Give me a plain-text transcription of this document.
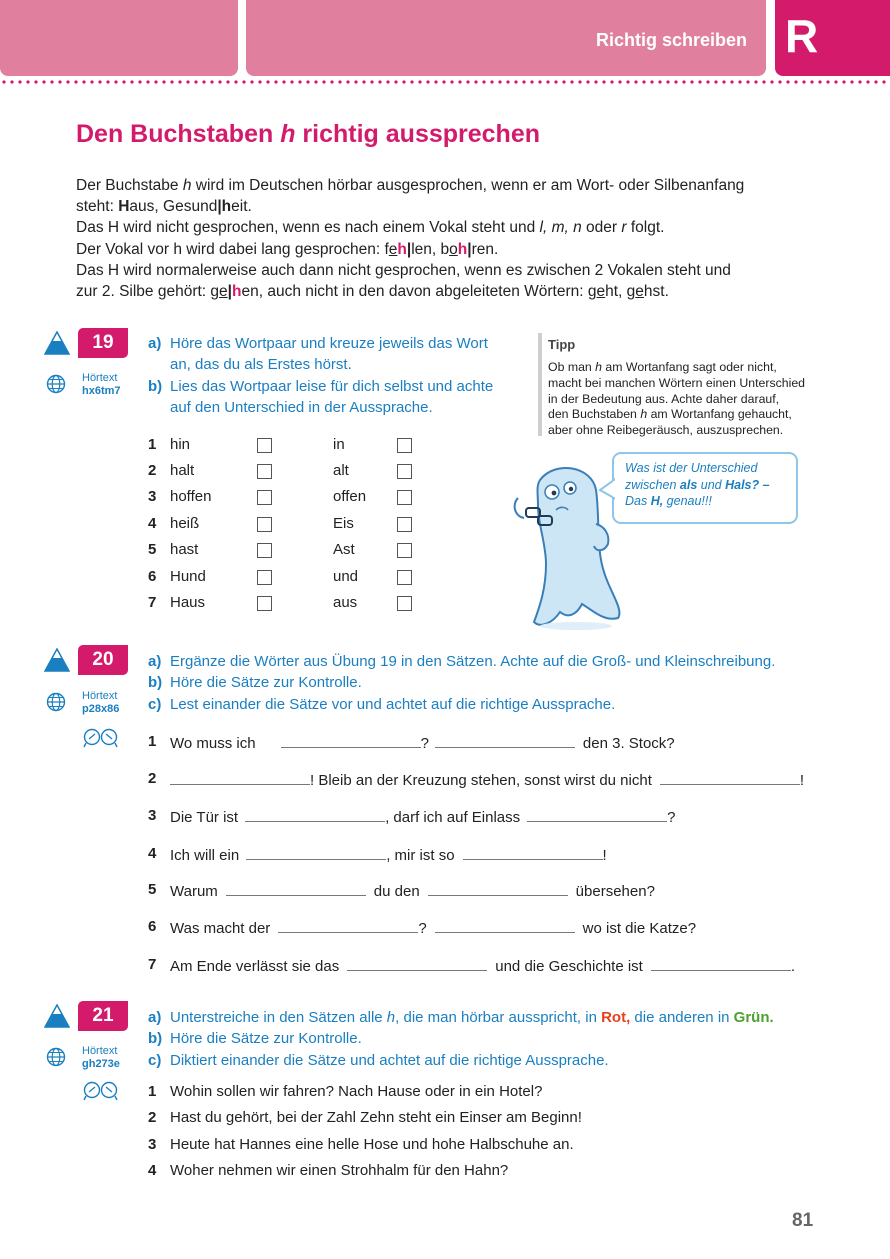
Richtig schreiben R
Den Buchstaben h richtig aussprechen

Der Buchstabe h wird im Deutschen hörbar ausgesprochen, wenn er am Wort- oder Silbenanfang

steht: Haus, Gesund|heit.

Das H wird nicht gesprochen, wenn es nach einem Vokal steht und l, m, n oder r folgt.

Der Vokal vor h wird dabei lang gesprochen: feh|len, boh|ren.

Das H wird normalerweise auch dann nicht gesprochen, wenn es zwischen 2 Vokalen steht und

zur 2. Silbe gehört: ge|hen, auch nicht in den davon abgeleiteten Wörtern: geht, gehst.

19
Hörtext
hx6tm7
a) Höre das Wortpaar und kreuze jeweils das Wort
an, das du als Erstes hörst.
b) Lies das Wortpaar leise für dich selbst und achte
auf den Unterschied in der Aussprache.
1 hin	in
2 halt	alt
3 hoffen	offen
4 heiß	Eis
5 hast	Ast
6 Hund	und
7 Haus	aus
Tipp
Ob man h am Wortanfang sagt oder nicht,
macht bei manchen Wörtern einen Unterschied
in der Bedeutung aus. Achte daher darauf,
den Buchstaben h am Wortanfang gehaucht,
aber ohne Reibegeräusch, auszusprechen.
Was ist der Unterschied
zwischen als und Hals? –
Das H, genau!!!
20
Hörtext
p28x86
a) Ergänze die Wörter aus Übung 19 in den Sätzen. Achte auf die Groß- und Kleinschreibung.
b) Höre die Sätze zur Kontrolle.
c) Lest einander die Sätze vor und achtet auf die richtige Aussprache.
1 Wo muss ich	?	den 3. Stock?
2	! Bleib an der Kreuzung stehen, sonst wirst du nicht	!
3 Die Tür ist	, darf ich auf Einlass	?
4 Ich will ein	, mir ist so	!
5 Warum	du den	übersehen?
6 Was macht der	?	wo ist die Katze?
7 Am Ende verlässt sie das	und die Geschichte ist	.
21
Hörtext
gh273e
a) Unterstreiche in den Sätzen alle h, die man hörbar ausspricht, in Rot, die anderen in Grün.
b) Höre die Sätze zur Kontrolle.
c) Diktiert einander die Sätze und achtet auf die richtige Aussprache.
1 Wohin sollen wir fahren? Nach Hause oder in ein Hotel?
2 Hast du gehört, bei der Zahl Zehn steht ein Einser am Beginn!
3 Heute hat Hannes eine helle Hose und hohe Halbschuhe an.
4 Woher nehmen wir einen Strohhalm für den Hahn?
81
